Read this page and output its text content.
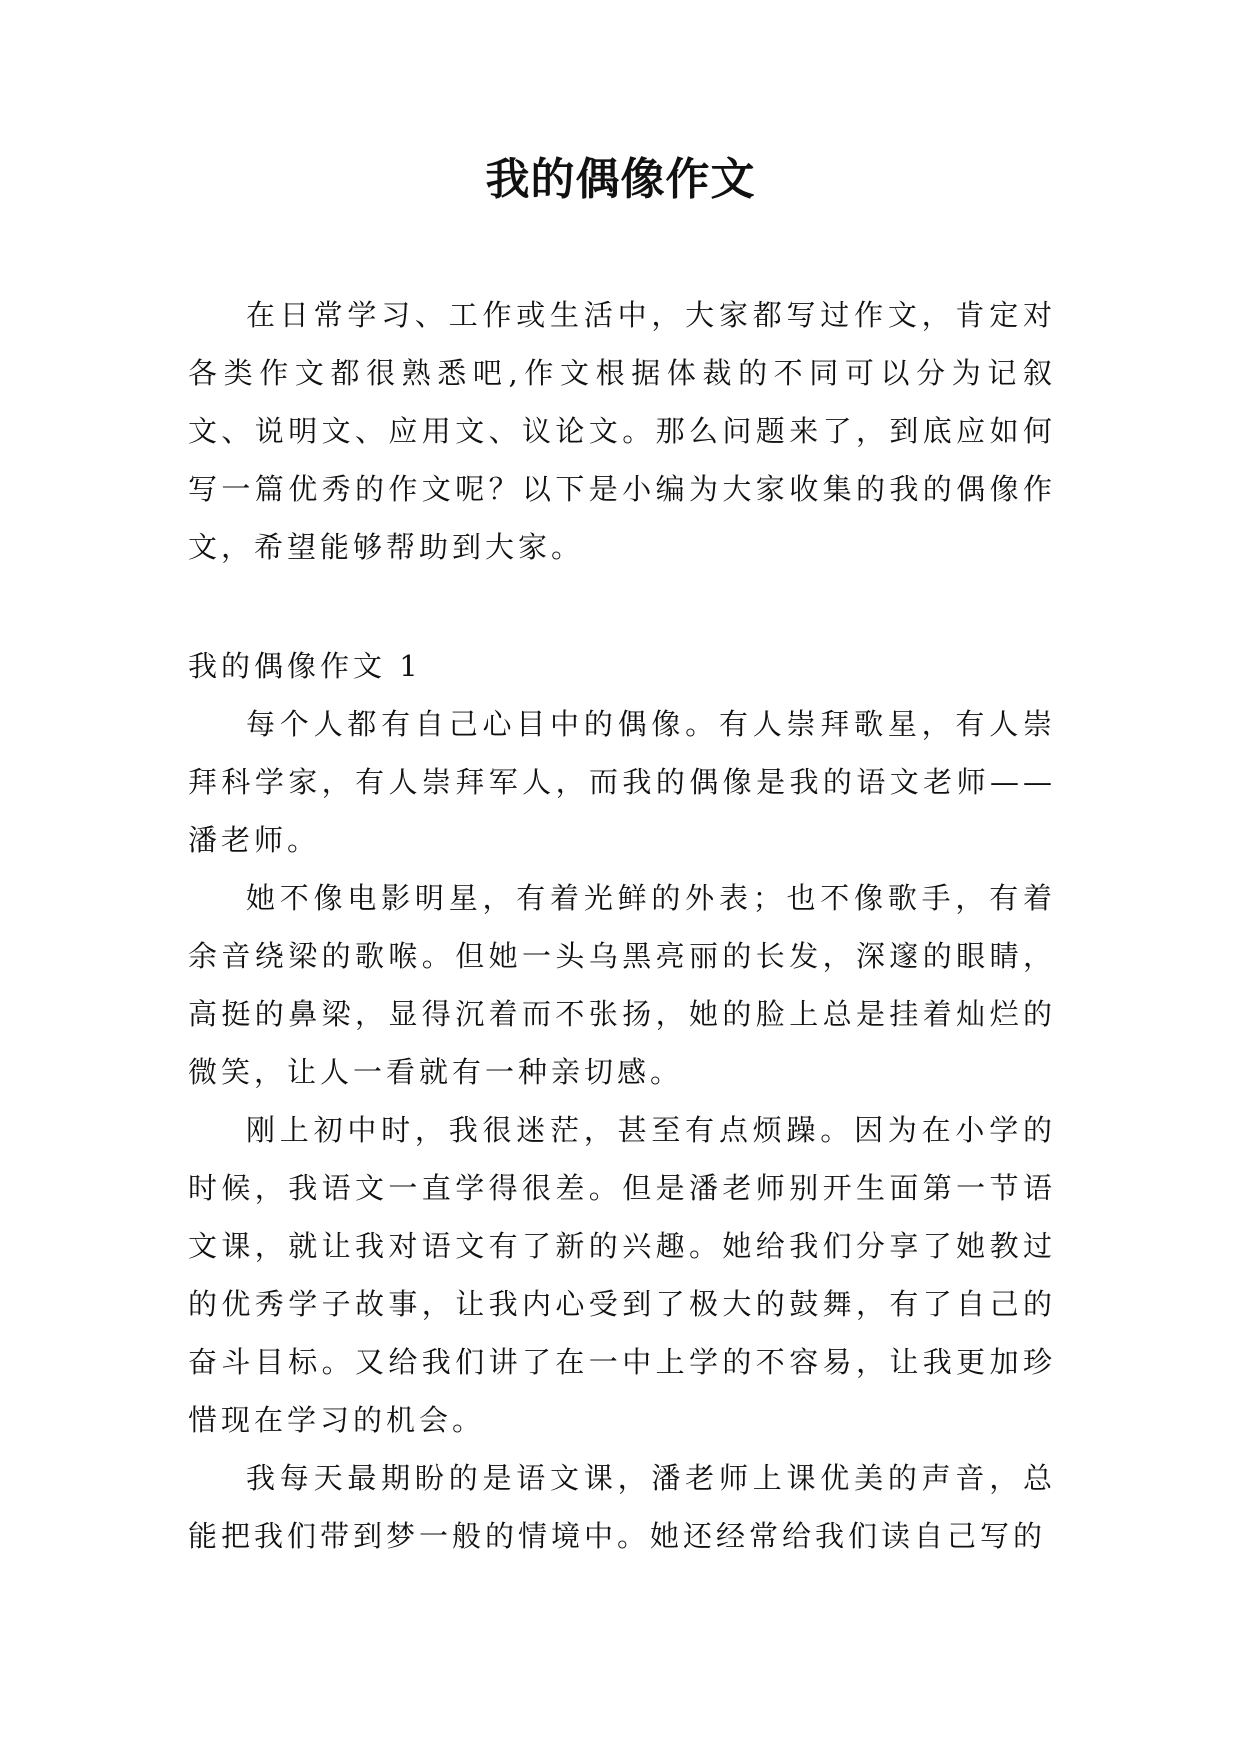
我的偶像作文

在日常学习、工作或生活中，大家都写过作文，肯定对各类作文都很熟悉吧,作文根据体裁的不同可以分为记叙文、说明文、应用文、议论文。那么问题来了，到底应如何写一篇优秀的作文呢？以下是小编为大家收集的我的偶像作文，希望能够帮助到大家。

我的偶像作文 1

每个人都有自己心目中的偶像。有人崇拜歌星，有人崇拜科学家，有人崇拜军人，而我的偶像是我的语文老师——潘老师。

她不像电影明星，有着光鲜的外表；也不像歌手，有着余音绕梁的歌喉。但她一头乌黑亮丽的长发，深邃的眼睛，高挺的鼻梁，显得沉着而不张扬，她的脸上总是挂着灿烂的微笑，让人一看就有一种亲切感。

刚上初中时，我很迷茫，甚至有点烦躁。因为在小学的时候，我语文一直学得很差。但是潘老师别开生面第一节语文课，就让我对语文有了新的兴趣。她给我们分享了她教过的优秀学子故事，让我内心受到了极大的鼓舞，有了自己的奋斗目标。又给我们讲了在一中上学的不容易，让我更加珍惜现在学习的机会。

我每天最期盼的是语文课，潘老师上课优美的声音，总能把我们带到梦一般的情境中。她还经常给我们读自己写的
